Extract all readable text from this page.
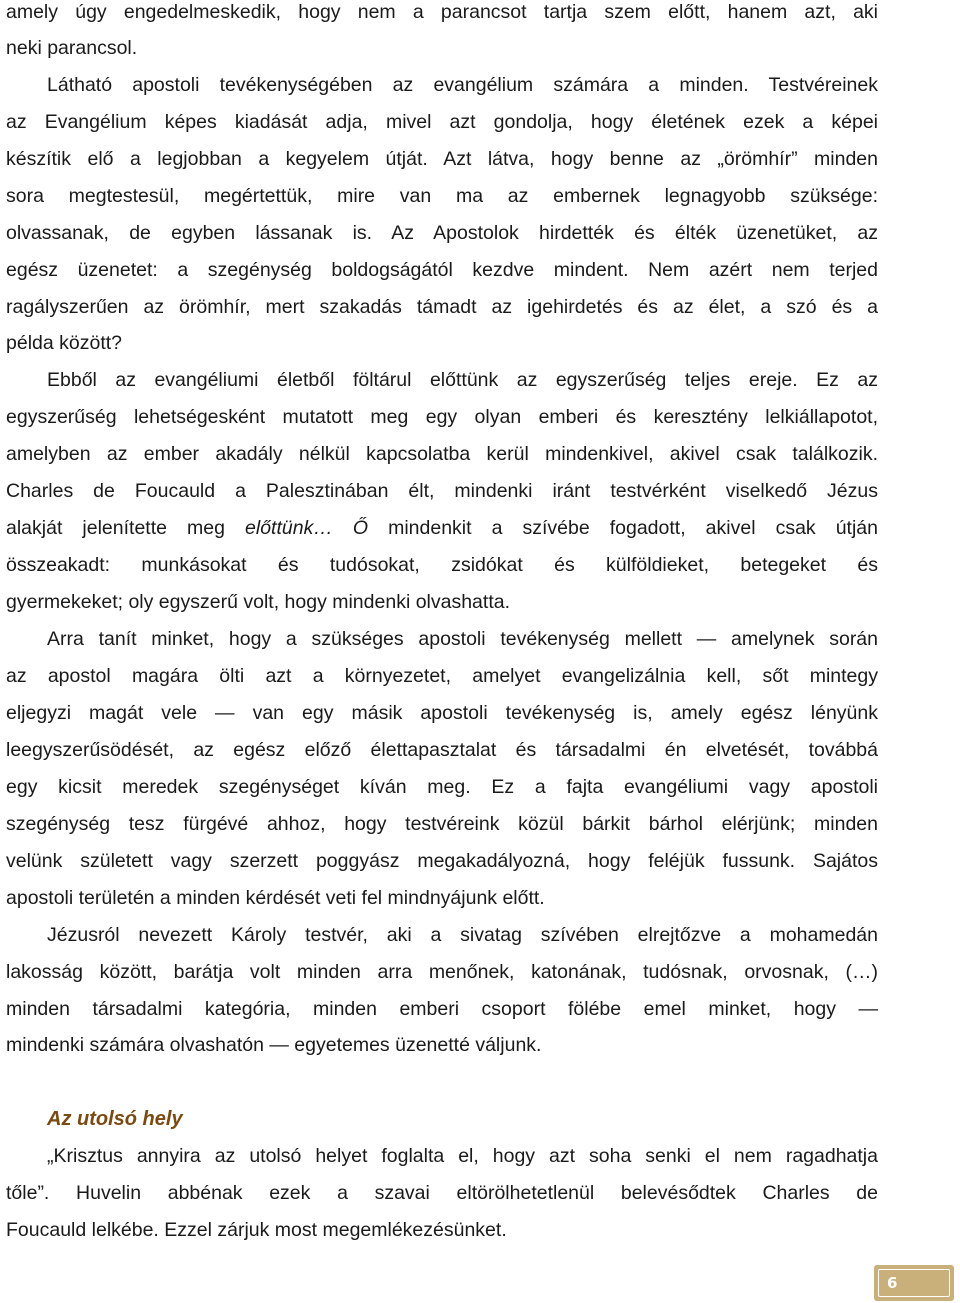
amely úgy engedelmeskedik, hogy nem a parancsot tartja szem előtt, hanem azt, aki
neki parancsol.
Látható apostoli tevékenységében az evangélium számára a minden. Testvéreinek
az Evangélium képes kiadását adja, mivel azt gondolja, hogy életének ezek a képei
készítik elő a legjobban a kegyelem útját. Azt látva, hogy benne az „örömhír” minden
sora megtestesül, megértettük, mire van ma az embernek legnagyobb szüksége:
olvassanak, de egyben lássanak is. Az Apostolok hirdették és élték üzenetüket, az
egész üzenetet: a szegénység boldogságától kezdve mindent. Nem azért nem terjed
ragályszerűen az örömhír, mert szakadás támadt az igehirdetés és az élet, a szó és a
példa között?
Ebből az evangéliumi életből föltárul előttünk az egyszerűség teljes ereje. Ez az
egyszerűség lehetségesként mutatott meg egy olyan emberi és keresztény lelkiállapotot,
amelyben az ember akadály nélkül kapcsolatba kerül mindenkivel, akivel csak találkozik.
Charles de Foucauld a Palesztinában élt, mindenki iránt testvérként viselkedő Jézus
alakját jelenítette meg előttünk… Ő mindenkit a szívébe fogadott, akivel csak útján
összeakadt: munkásokat és tudósokat, zsidókat és külföldieket, betegeket és
gyermekeket; oly egyszerű volt, hogy mindenki olvashatta.
Arra tanít minket, hogy a szükséges apostoli tevékenység mellett — amelynek során
az apostol magára ölti azt a környezetet, amelyet evangelizálnia kell, sőt mintegy
eljegyzi magát vele — van egy másik apostoli tevékenység is, amely egész lényünk
leegyszerűsödését, az egész előző élettapasztalat és társadalmi én elvetését, továbbá
egy kicsit meredek szegénységet kíván meg. Ez a fajta evangéliumi vagy apostoli
szegénység tesz fürgévé ahhoz, hogy testvéreink közül bárkit bárhol elérjünk; minden
velünk született vagy szerzett poggyász megakadályozná, hogy feléjük fussunk. Sajátos
apostoli területén a minden kérdését veti fel mindnyájunk előtt.
Jézusról nevezett Károly testvér, aki a sivatag szívében elrejtőzve a mohamedán
lakosság között, barátja volt minden arra menőnek, katonának, tudósnak, orvosnak, (…)
minden társadalmi kategória, minden emberi csoport fölébe emel minket, hogy —
mindenki számára olvashatón — egyetemes üzenetté váljunk.
„Krisztus annyira az utolsó helyet foglalta el, hogy azt soha senki el nem ragadhatja
tőle”. Huvelin abbénak ezek a szavai eltörölhetetlenül belevésődtek Charles de
Foucauld lelkébe. Ezzel zárjuk most megemlékezésünket.
Az utolsó hely
6
